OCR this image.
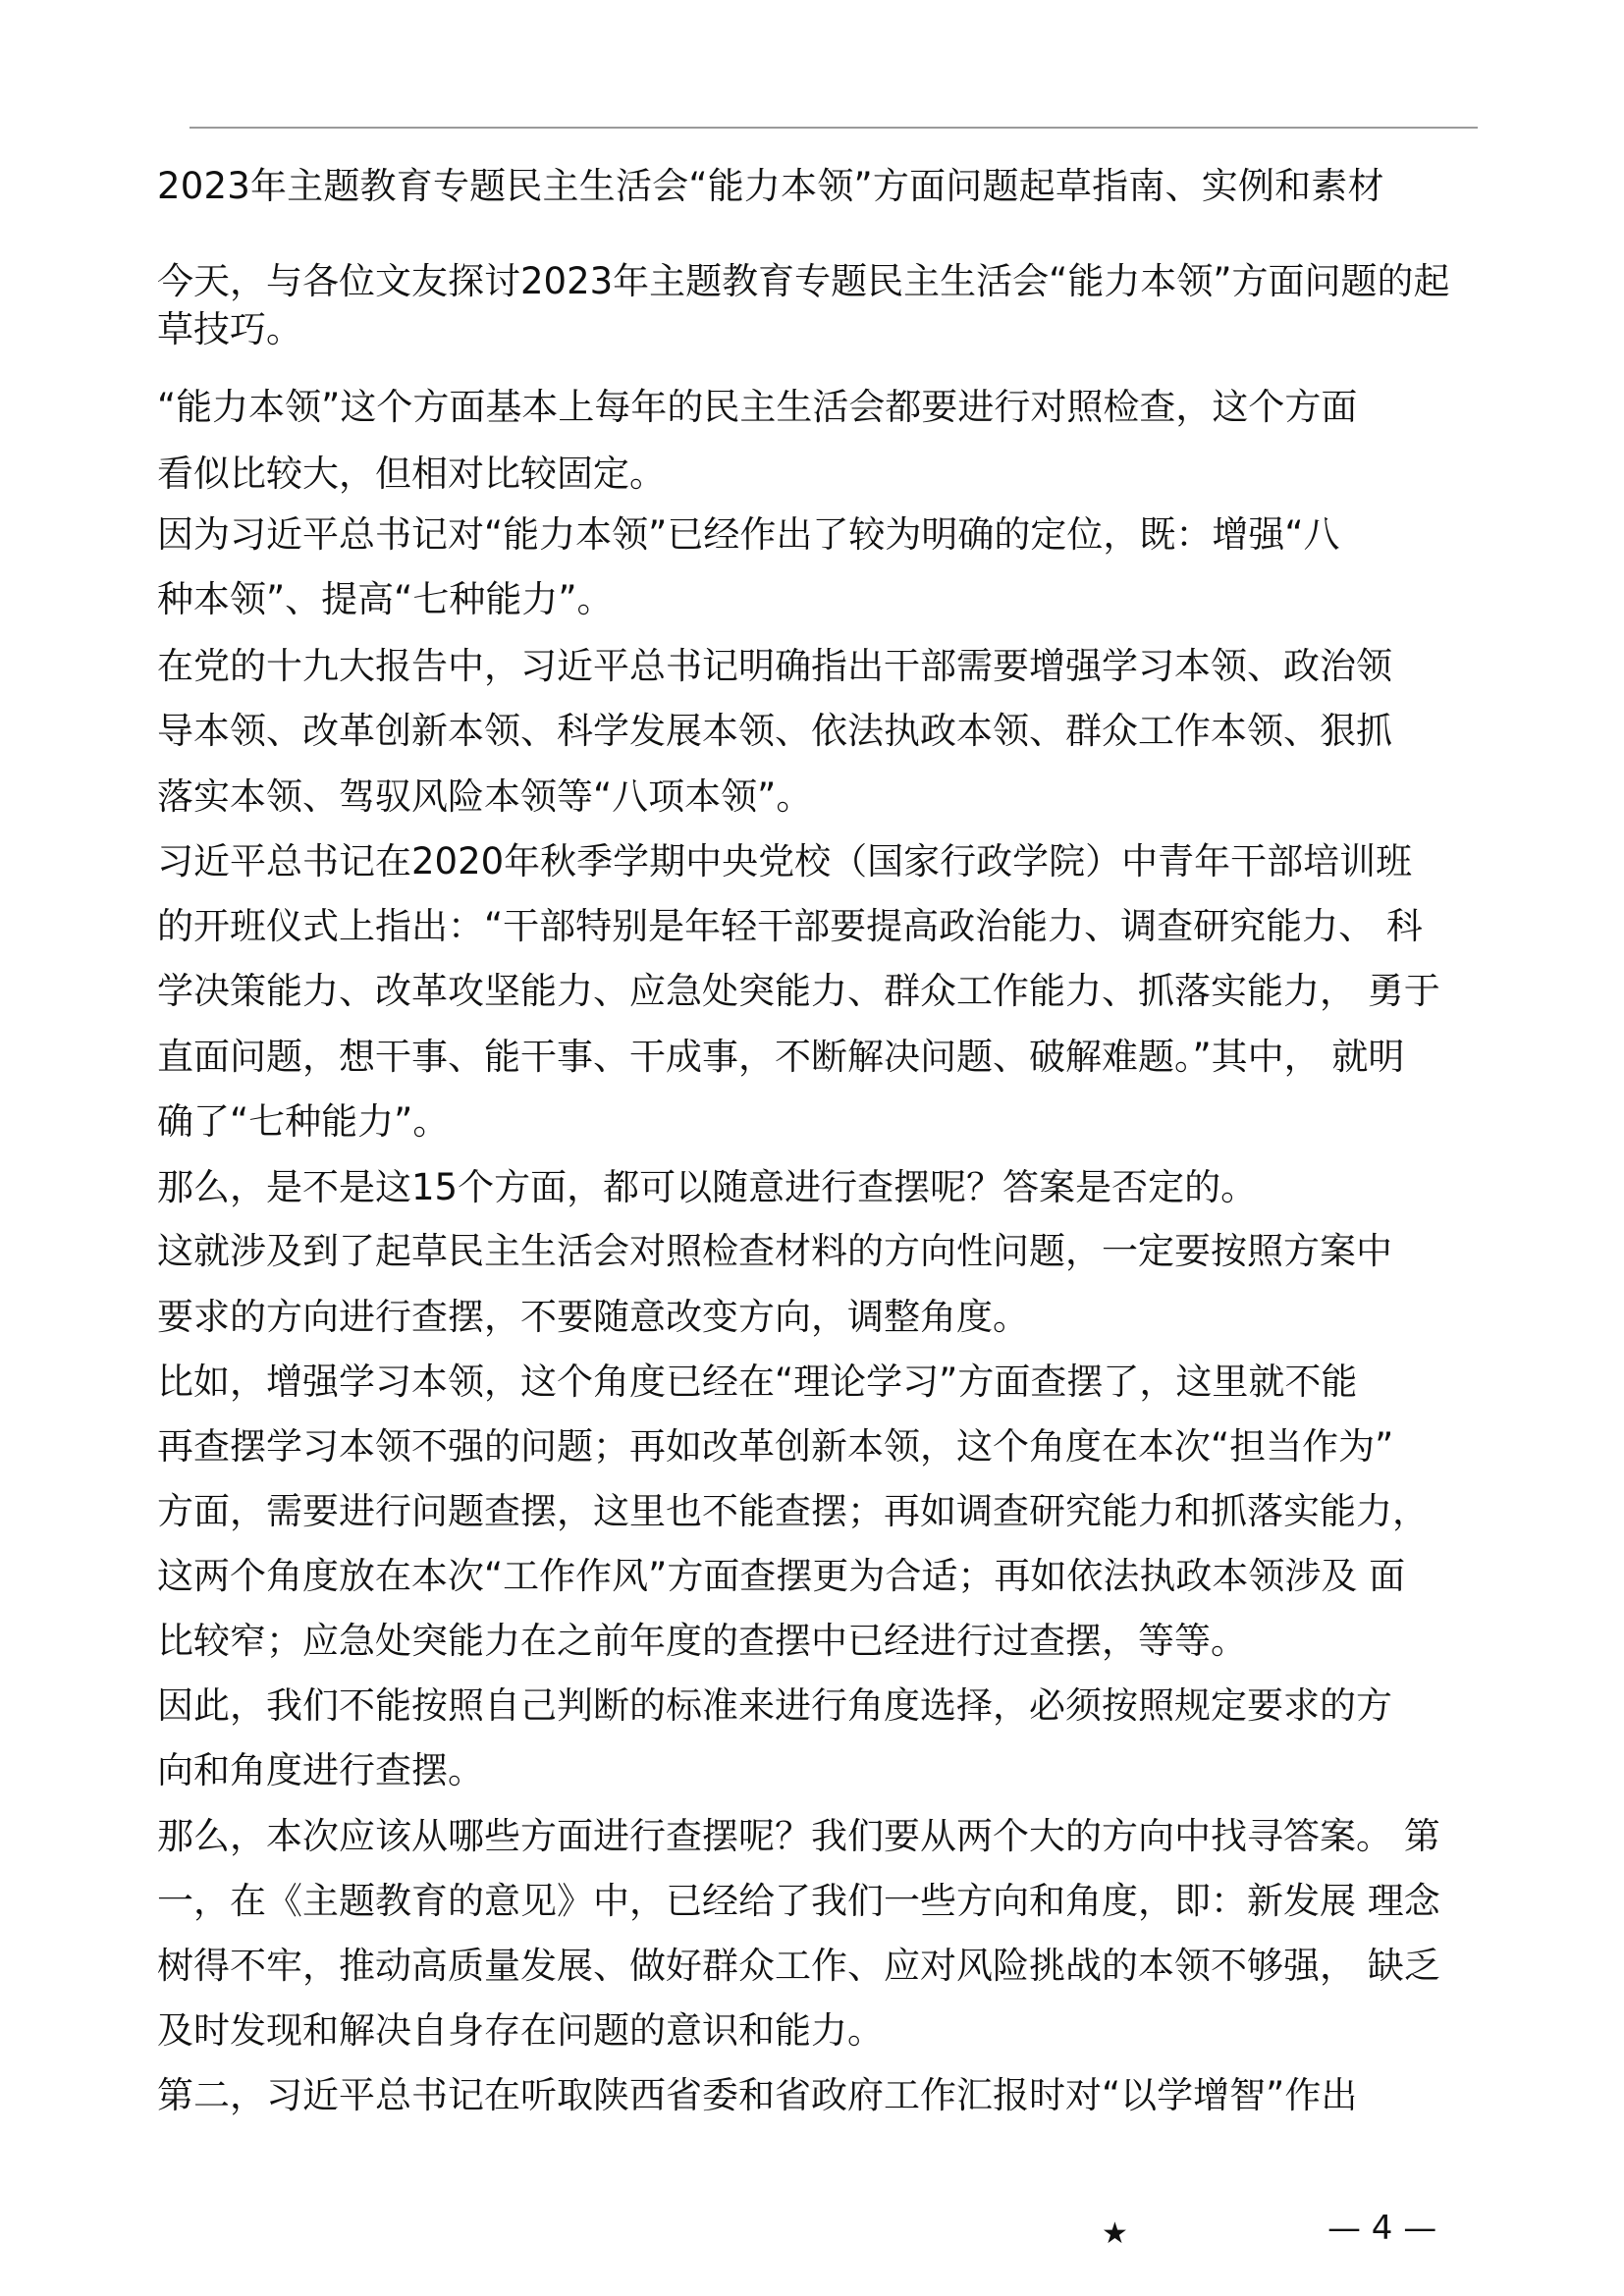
2023年主题教育专题民主生活会“能力本领”方面问题起草指南、实例和素材
今天，与各位文友探讨2023年主题教育专题民主生活会“能力本领”方面问题的起
草技巧。
“能力本领”这个方面基本上每年的民主生活会都要进行对照检查，这个方面
看似比较大，但相对比较固定。
因为习近平总书记对“能力本领”已经作出了较为明确的定位，既：增强“八
种本领”、提高“七种能力”。
在党的十九大报告中，习近平总书记明确指出干部需要增强学习本领、政治领
导本领、改革创新本领、科学发展本领、依法执政本领、群众工作本领、狠抓
落实本领、驾驭风险本领等“八项本领”。
习近平总书记在2020年秋季学期中央党校（国家行政学院）中青年干部培训班
的开班仪式上指出：“干部特别是年轻干部要提高政治能力、调查研究能力、 科
学决策能力、改革攻坚能力、应急处突能力、群众工作能力、抓落实能力， 勇于
直面问题，想干事、能干事、干成事，不断解决问题、破解难题。”其中， 就明
确了“七种能力”。
那么，是不是这15个方面，都可以随意进行查摆呢？答案是否定的。
这就涉及到了起草民主生活会对照检查材料的方向性问题，一定要按照方案中
要求的方向进行查摆，不要随意改变方向，调整角度。
比如，增强学习本领，这个角度已经在“理论学习”方面查摆了，这里就不能
再查摆学习本领不强的问题；再如改革创新本领，这个角度在本次“担当作为”
方面，需要进行问题查摆，这里也不能查摆；再如调查研究能力和抓落实能力，
这两个角度放在本次“工作作风”方面查摆更为合适；再如依法执政本领涉及 面
比较窄；应急处突能力在之前年度的查摆中已经进行过查摆，等等。
因此，我们不能按照自己判断的标准来进行角度选择，必须按照规定要求的方
向和角度进行查摆。
那么，本次应该从哪些方面进行查摆呢？我们要从两个大的方向中找寻答案。 第
一，在《主题教育的意见》中，已经给了我们一些方向和角度，即：新发展 理念
树得不牢，推动高质量发展、做好群众工作、应对风险挑战的本领不够强， 缺乏
及时发现和解决自身存在问题的意识和能力。
第二，习近平总书记在听取陕西省委和省政府工作汇报时对“以学增智”作出
★	— 4 —
